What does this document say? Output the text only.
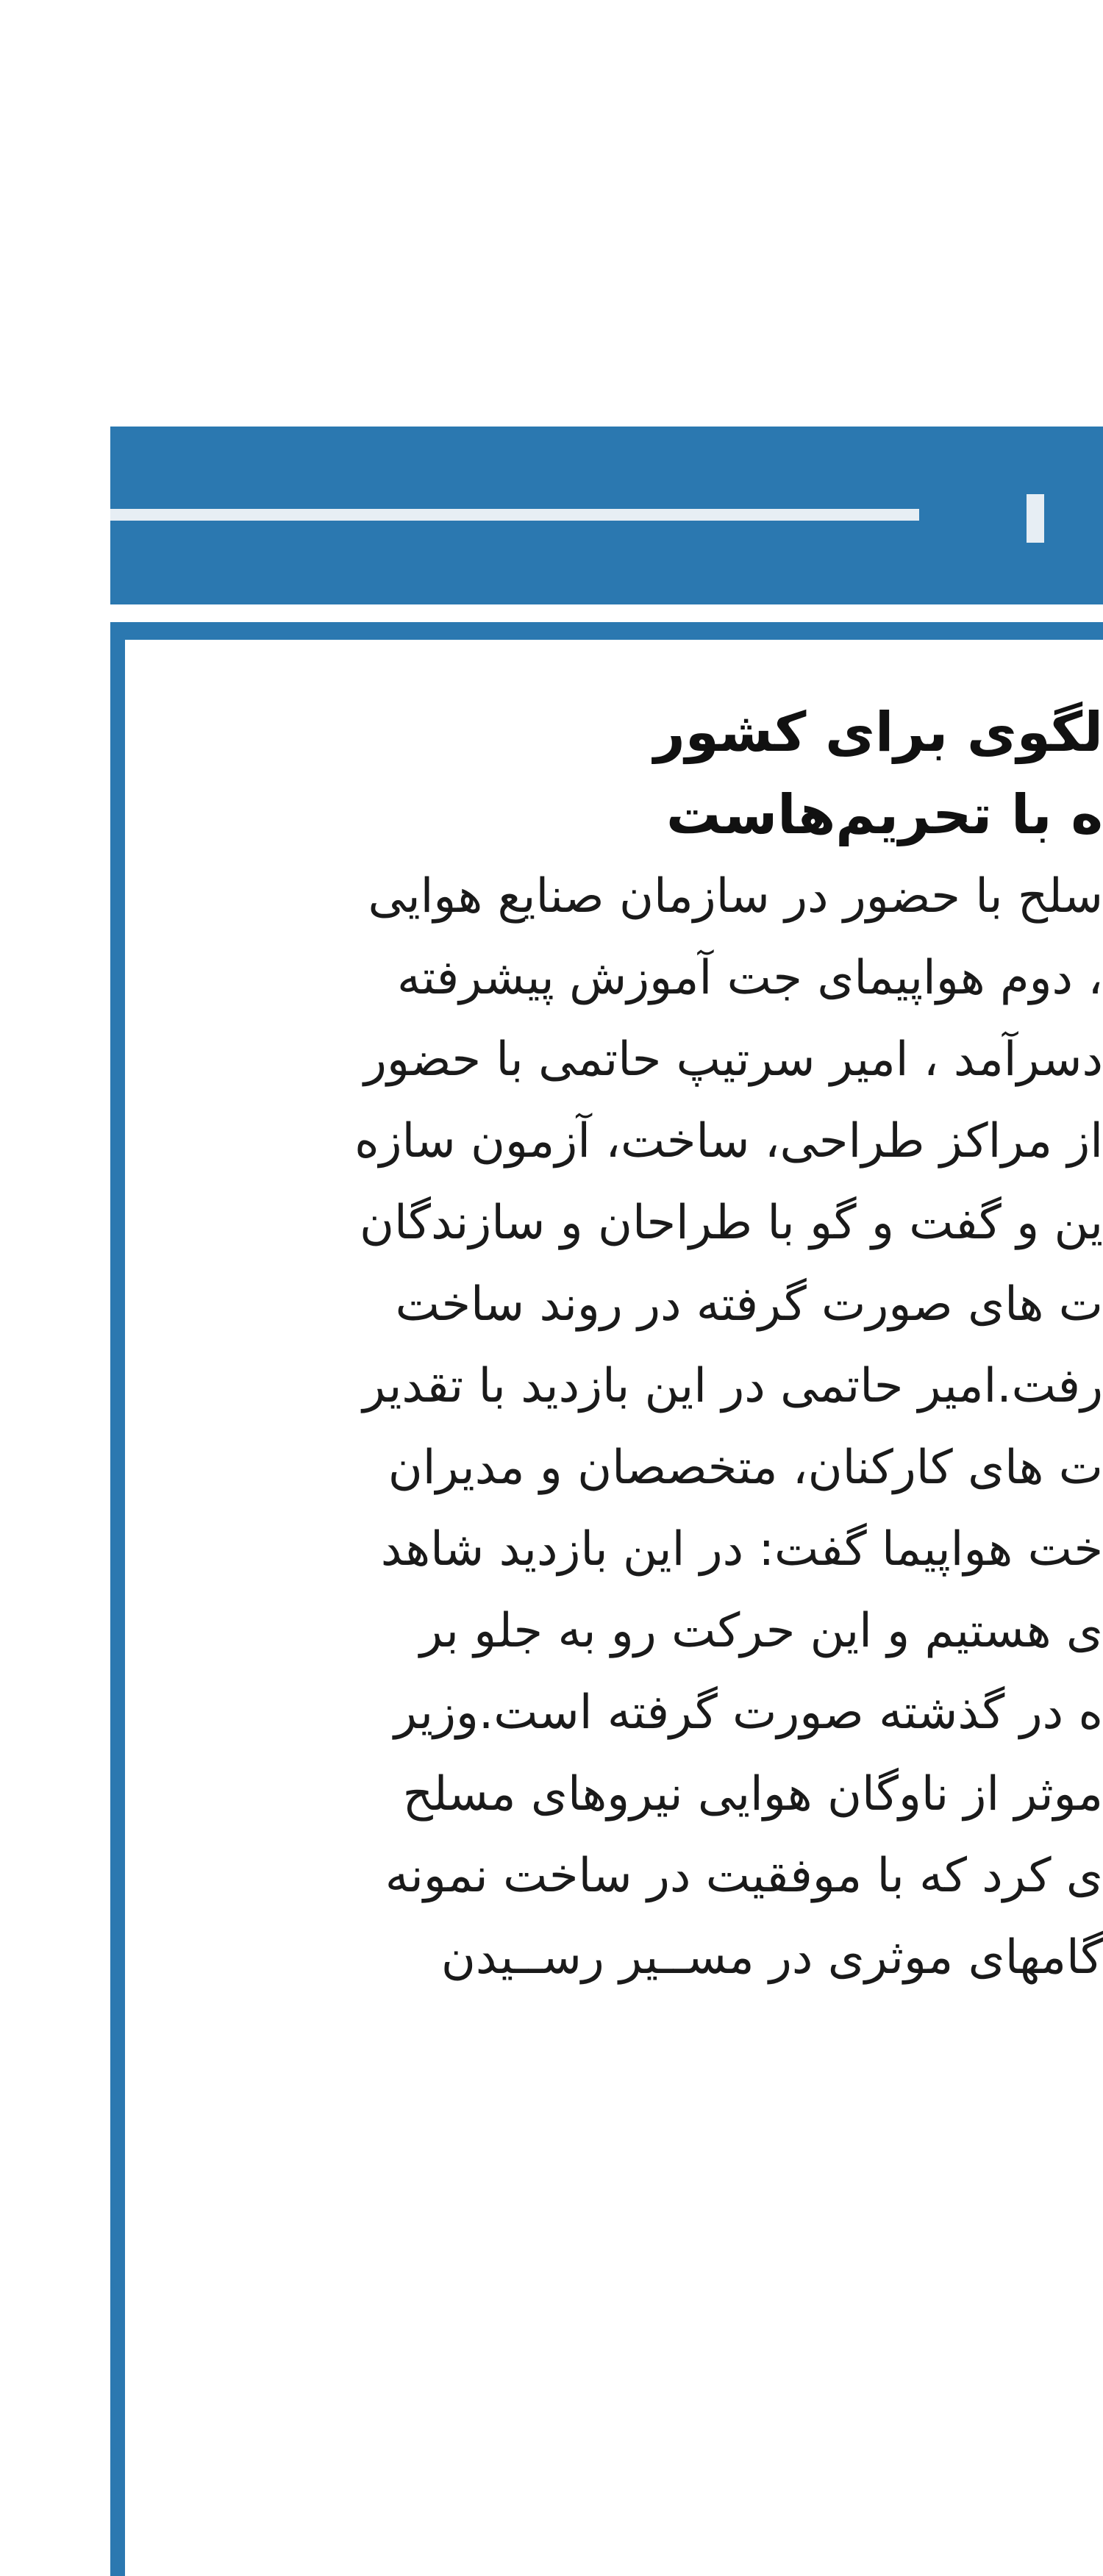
لگوی برای کشور
ه با تحریم‌هاست
سلح با حضور در سازمان صنایع هوایی
، دوم هواپیمای جت آموزش پیشرفته
دسرآمد ، امیر سرتیپ حاتمی با حضور
از مراکز طراحی، ساخت، آزمون سازه
ین و گفت و گو با طراحان و سازندگان
ت های صورت گرفته در روند ساخت
رفت.امیر حاتمی در این بازدید با تقدیر
ت های کارکنان، متخصصان و مدیران
خت هواپیما گفت: در این بازدید شاهد
ی هستیم و این حرکت رو به جلو بر
ه در گذشته صورت گرفته است.وزیر
موثر از ناوگان هوایی نیروهای مسلح
ی کرد که با موفقیت در ساخت نمونه
گامهای موثری در مســیر رســیدن
